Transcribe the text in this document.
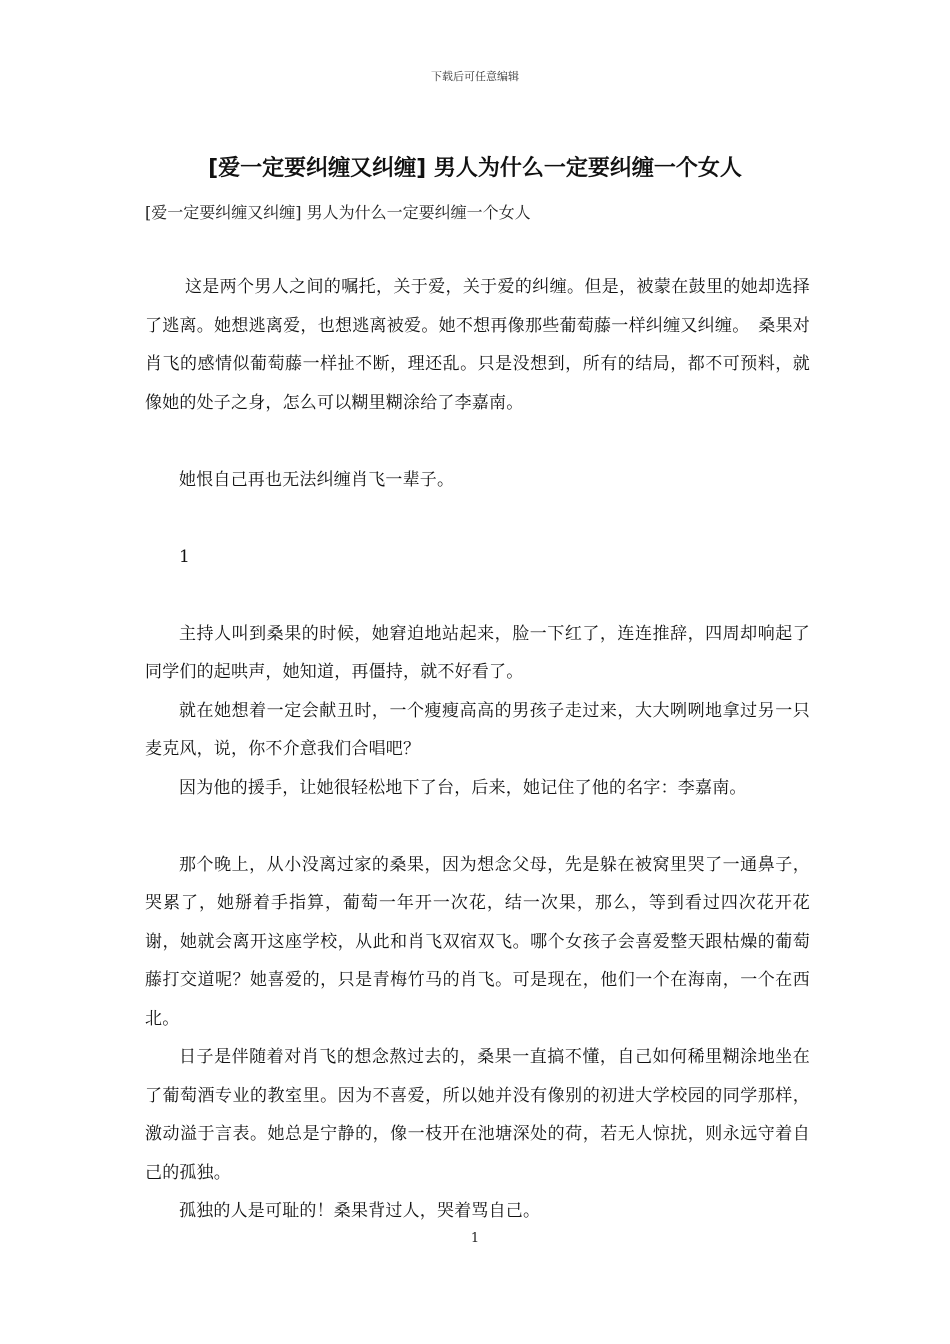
下载后可任意编辑
[爱一定要纠缠又纠缠] 男人为什么一定要纠缠一个女人
[爱一定要纠缠又纠缠] 男人为什么一定要纠缠一个女人

这是两个男人之间的嘱托，关于爱，关于爱的纠缠。但是，被蒙在鼓里的她却选择了逃离。她想逃离爱，也想逃离被爱。她不想再像那些葡萄藤一样纠缠又纠缠。　桑果对肖飞的感情似葡萄藤一样扯不断，理还乱。只是没想到，所有的结局，都不可预料，就像她的处子之身，怎么可以糊里糊涂给了李嘉南。

她恨自己再也无法纠缠肖飞一辈子。

1

主持人叫到桑果的时候，她窘迫地站起来，脸一下红了，连连推辞，四周却响起了同学们的起哄声，她知道，再僵持，就不好看了。

就在她想着一定会献丑时，一个瘦瘦高高的男孩子走过来，大大咧咧地拿过另一只麦克风，说，你不介意我们合唱吧？

因为他的援手，让她很轻松地下了台，后来，她记住了他的名字：李嘉南。

那个晚上，从小没离过家的桑果，因为想念父母，先是躲在被窝里哭了一通鼻子，哭累了，她掰着手指算，葡萄一年开一次花，结一次果，那么，等到看过四次花开花谢，她就会离开这座学校，从此和肖飞双宿双飞。哪个女孩子会喜爱整天跟枯燥的葡萄藤打交道呢？她喜爱的，只是青梅竹马的肖飞。可是现在，他们一个在海南，一个在西北。

日子是伴随着对肖飞的想念熬过去的，桑果一直搞不懂，自己如何稀里糊涂地坐在了葡萄酒专业的教室里。因为不喜爱，所以她并没有像别的初进大学校园的同学那样，激动溢于言表。她总是宁静的，像一枝开在池塘深处的荷，若无人惊扰，则永远守着自己的孤独。

孤独的人是可耻的！桑果背过人，哭着骂自己。

1
